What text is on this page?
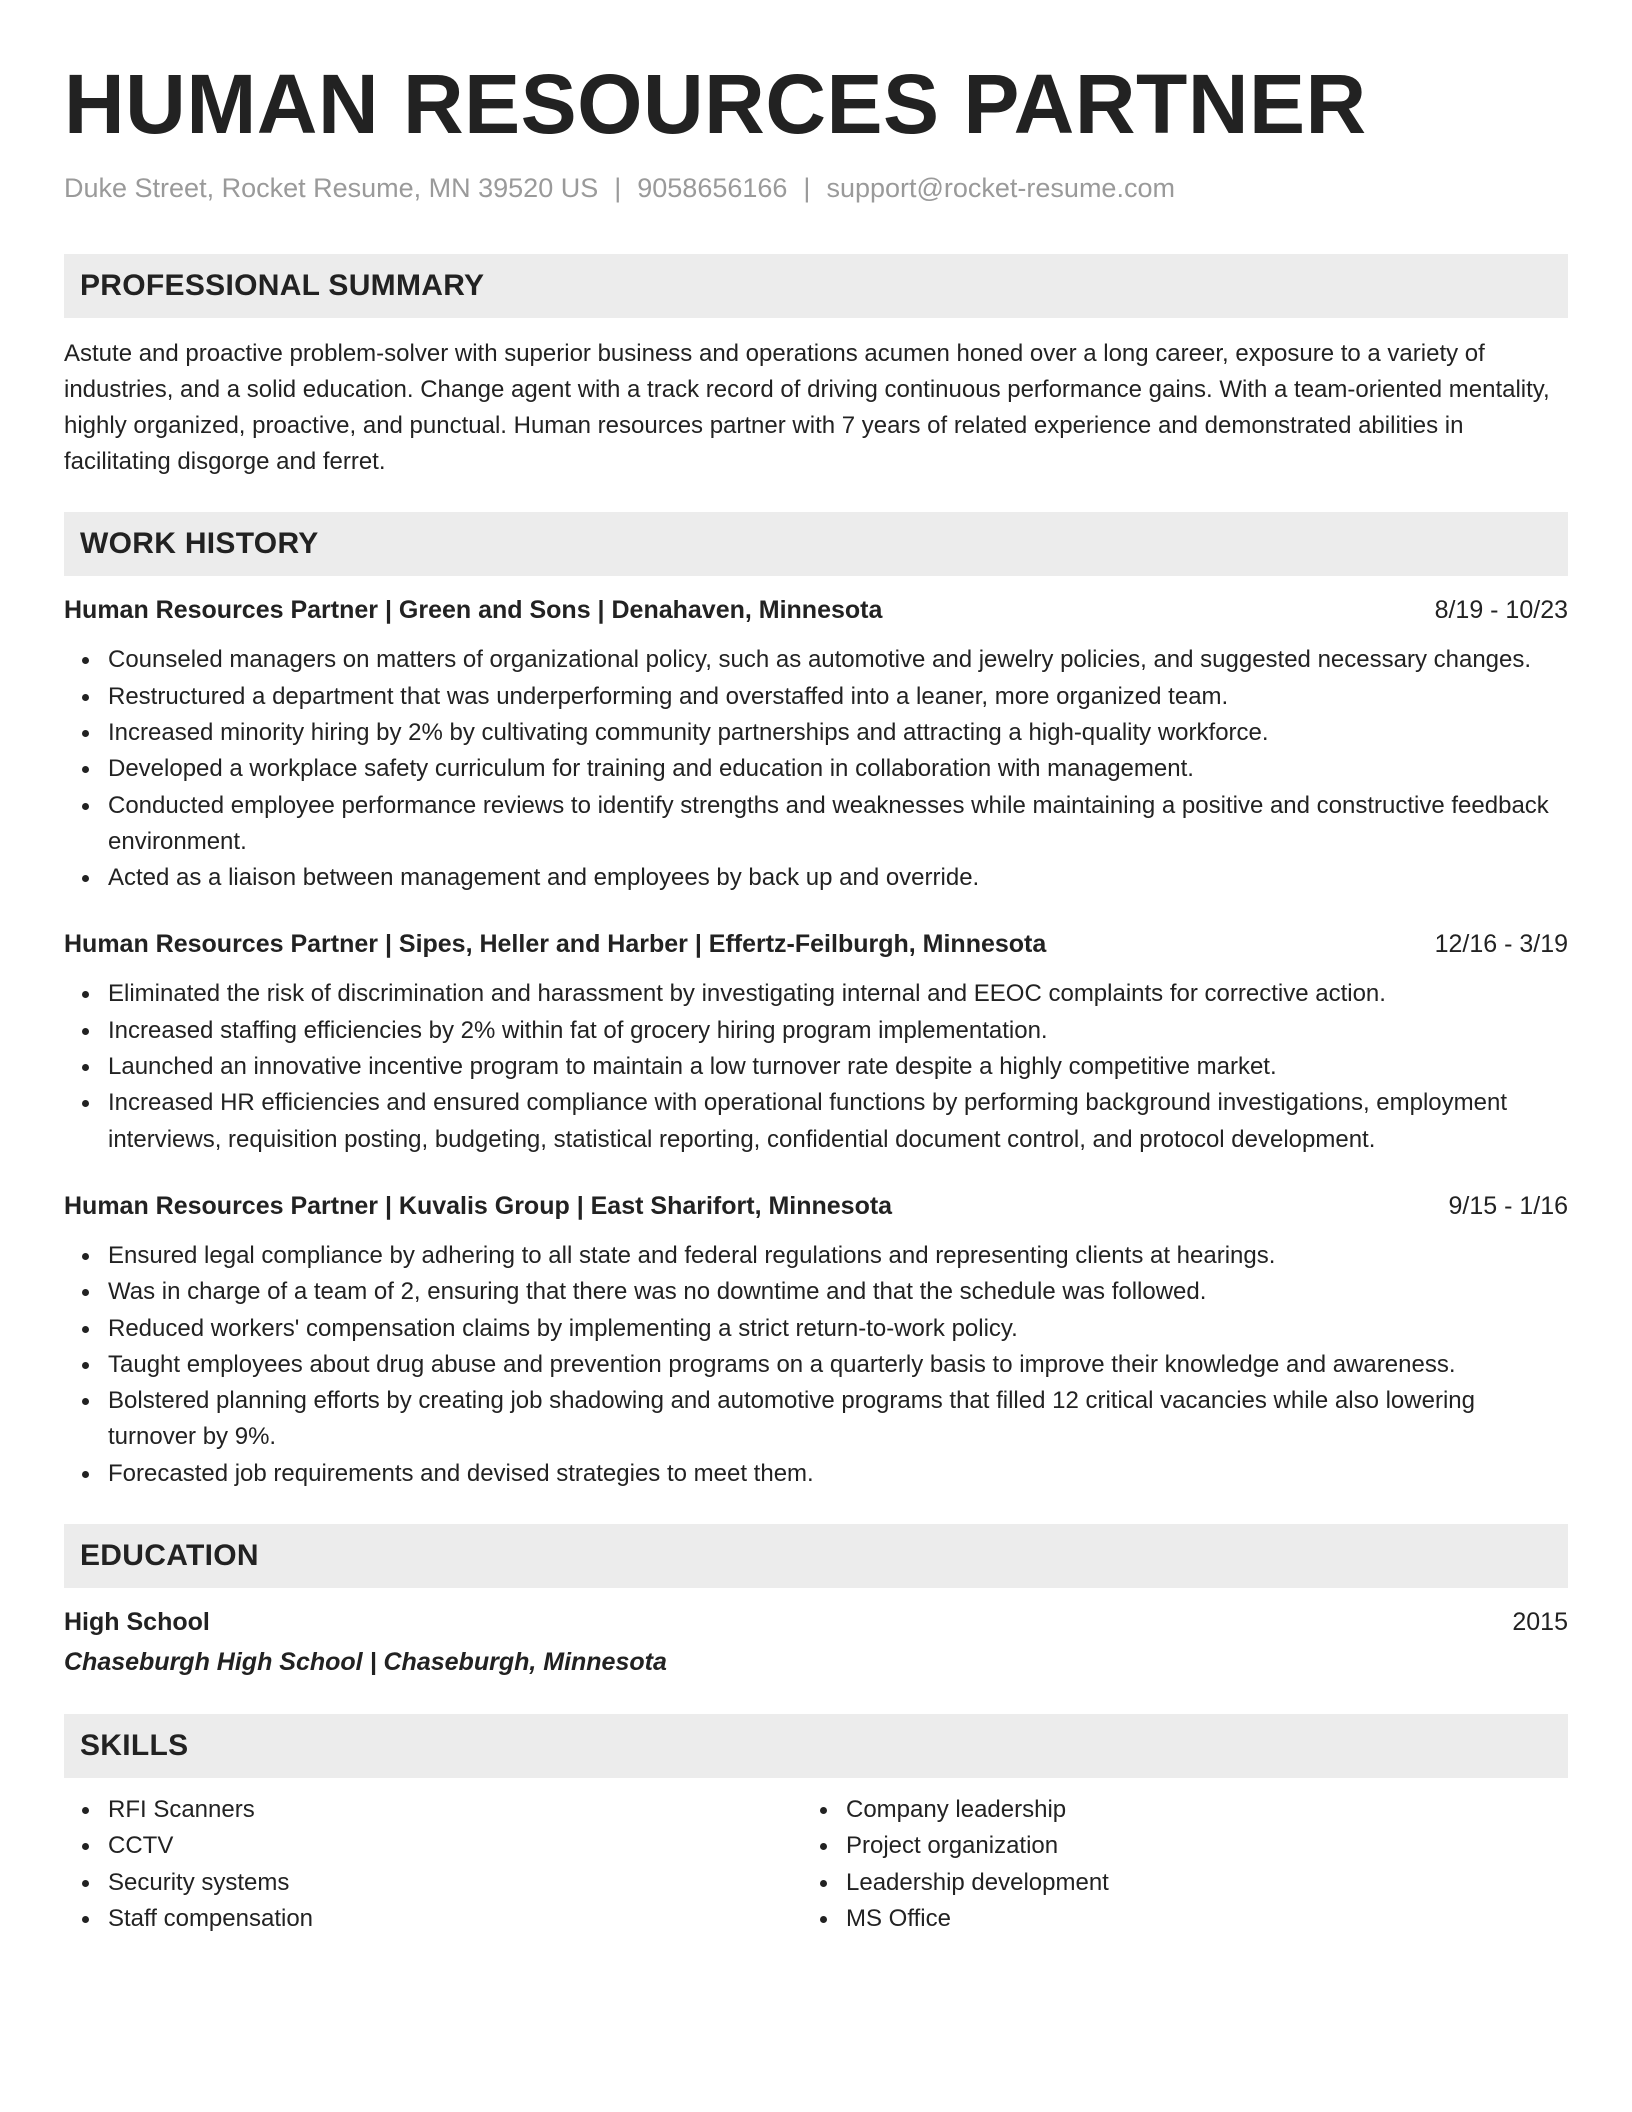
HUMAN RESOURCES PARTNER
Duke Street, Rocket Resume, MN 39520 US | 9058656166 | support@rocket-resume.com
PROFESSIONAL SUMMARY
Astute and proactive problem-solver with superior business and operations acumen honed over a long career, exposure to a variety of industries, and a solid education. Change agent with a track record of driving continuous performance gains. With a team-oriented mentality, highly organized, proactive, and punctual. Human resources partner with 7 years of related experience and demonstrated abilities in facilitating disgorge and ferret.
WORK HISTORY
Human Resources Partner | Green and Sons | Denahaven, Minnesota	8/19 - 10/23
Counseled managers on matters of organizational policy, such as automotive and jewelry policies, and suggested necessary changes.
Restructured a department that was underperforming and overstaffed into a leaner, more organized team.
Increased minority hiring by 2% by cultivating community partnerships and attracting a high-quality workforce.
Developed a workplace safety curriculum for training and education in collaboration with management.
Conducted employee performance reviews to identify strengths and weaknesses while maintaining a positive and constructive feedback environment.
Acted as a liaison between management and employees by back up and override.
Human Resources Partner | Sipes, Heller and Harber | Effertz-Feilburgh, Minnesota	12/16 - 3/19
Eliminated the risk of discrimination and harassment by investigating internal and EEOC complaints for corrective action.
Increased staffing efficiencies by 2% within fat of grocery hiring program implementation.
Launched an innovative incentive program to maintain a low turnover rate despite a highly competitive market.
Increased HR efficiencies and ensured compliance with operational functions by performing background investigations, employment interviews, requisition posting, budgeting, statistical reporting, confidential document control, and protocol development.
Human Resources Partner | Kuvalis Group | East Sharifort, Minnesota	9/15 - 1/16
Ensured legal compliance by adhering to all state and federal regulations and representing clients at hearings.
Was in charge of a team of 2, ensuring that there was no downtime and that the schedule was followed.
Reduced workers' compensation claims by implementing a strict return-to-work policy.
Taught employees about drug abuse and prevention programs on a quarterly basis to improve their knowledge and awareness.
Bolstered planning efforts by creating job shadowing and automotive programs that filled 12 critical vacancies while also lowering turnover by 9%.
Forecasted job requirements and devised strategies to meet them.
EDUCATION
High School	2015
Chaseburgh High School | Chaseburgh, Minnesota
SKILLS
RFI Scanners
CCTV
Security systems
Staff compensation
Company leadership
Project organization
Leadership development
MS Office
